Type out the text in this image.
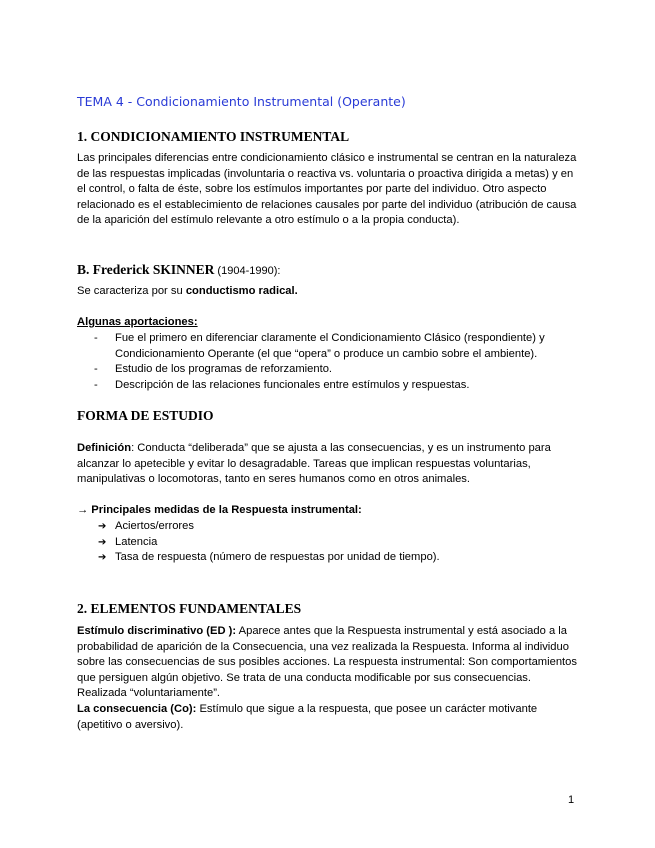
TEMA 4 - Condicionamiento Instrumental (Operante)
1. CONDICIONAMIENTO INSTRUMENTAL

Las principales diferencias entre condicionamiento clásico e instrumental se centran en la naturaleza de las respuestas implicadas (involuntaria o reactiva vs. voluntaria o proactiva dirigida a metas) y en el control, o falta de éste, sobre los estímulos importantes por parte del individuo. Otro aspecto relacionado es el establecimiento de relaciones causales por parte del individuo (atribución de causa de la aparición del estímulo relevante a otro estímulo o a la propia conducta).

B. Frederick SKINNER (1904-1990):
Se caracteriza por su conductismo radical.
Algunas aportaciones:
- Fue el primero en diferenciar claramente el Condicionamiento Clásico (respondiente) y Condicionamiento Operante (el que “opera” o produce un cambio sobre el ambiente).
- Estudio de los programas de reforzamiento.
- Descripción de las relaciones funcionales entre estímulos y respuestas.
FORMA DE ESTUDIO

Definición: Conducta “deliberada” que se ajusta a las consecuencias, y es un instrumento para alcanzar lo apetecible y evitar lo desagradable. Tareas que implican respuestas voluntarias, manipulativas o locomotoras, tanto en seres humanos como en otros animales.

→ Principales medidas de la Respuesta instrumental:
➔ Aciertos/errores
➔ Latencia
➔ Tasa de respuesta (número de respuestas por unidad de tiempo).
2. ELEMENTOS FUNDAMENTALES

Estímulo discriminativo (ED ): Aparece antes que la Respuesta instrumental y está asociado a la probabilidad de aparición de la Consecuencia, una vez realizada la Respuesta. Informa al individuo sobre las consecuencias de sus posibles acciones. La respuesta instrumental: Son comportamientos que persiguen algún objetivo. Se trata de una conducta modificable por sus consecuencias. Realizada “voluntariamente”.
La consecuencia (Co): Estímulo que sigue a la respuesta, que posee un carácter motivante (apetitivo o aversivo).

1
